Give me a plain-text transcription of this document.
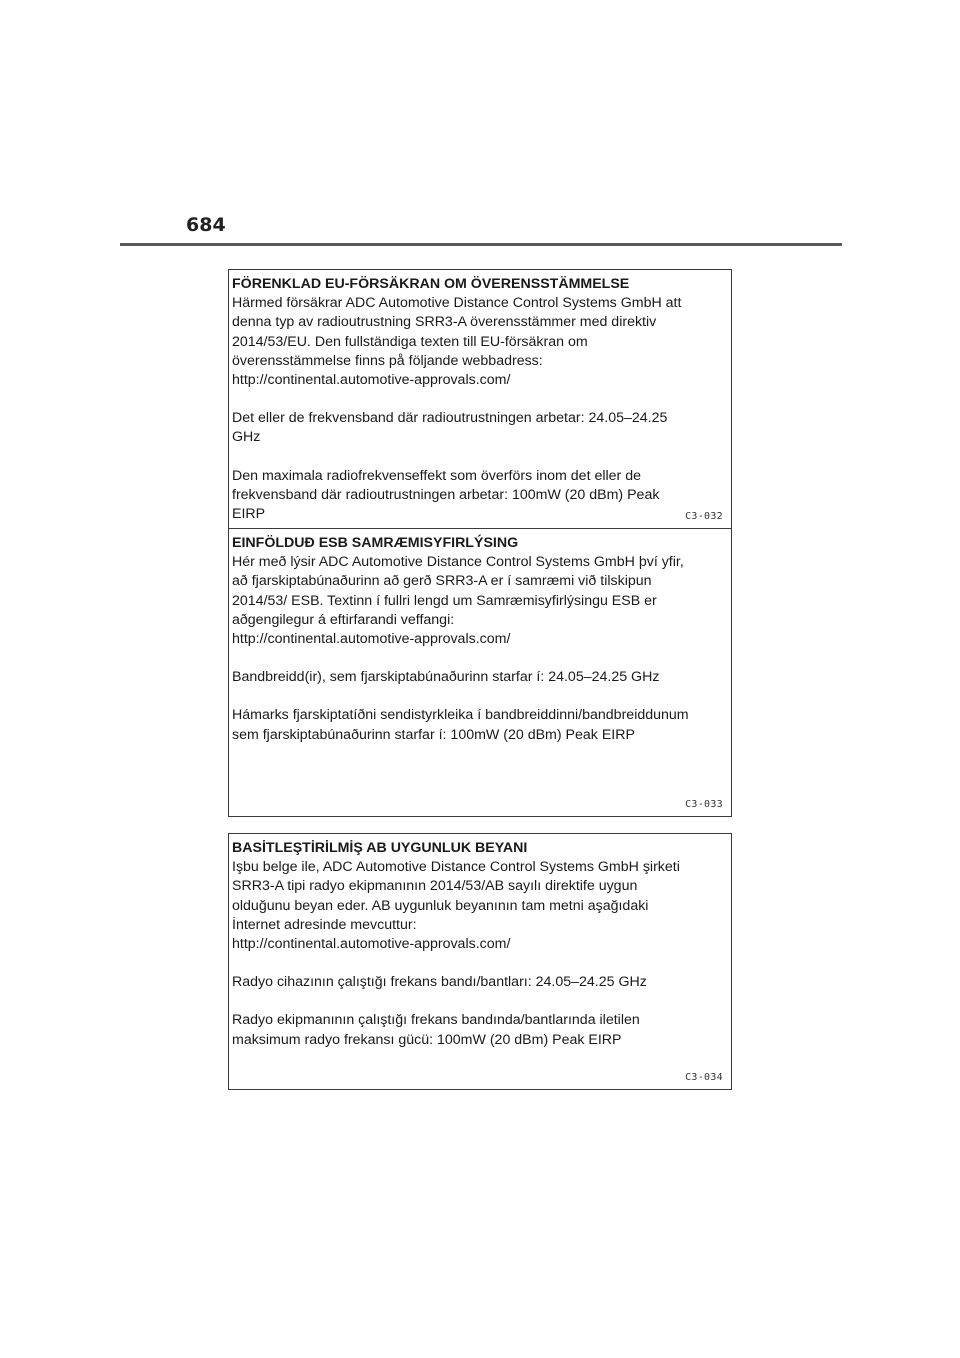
684
FÖRENKLAD EU-FÖRSÄKRAN OM ÖVERENSSTÄMMELSE

Härmed försäkrar ADC Automotive Distance Control Systems GmbH att
denna typ av radioutrustning SRR3-A överensstämmer med direktiv
2014/53/EU. Den fullständiga texten till EU-försäkran om
överensstämmelse finns på följande webbadress:
http://continental.automotive-approvals.com/

Det eller de frekvensband där radioutrustningen arbetar: 24.05–24.25
GHz

Den maximala radiofrekvenseffekt som överförs inom det eller de
frekvensband där radioutrustningen arbetar: 100mW (20 dBm) Peak
EIRP	C3-032
EINFÖLDUÐ ESB SAMRÆMISYFIRLÝSING

Hér með lýsir ADC Automotive Distance Control Systems GmbH því yfir,
að fjarskiptabúnaðurinn að gerð SRR3-A er í samræmi við tilskipun
2014/53/ ESB. Textinn í fullri lengd um Samræmisyfirlýsingu ESB er
aðgengilegur á eftirfarandi veffangi:
http://continental.automotive-approvals.com/

Bandbreidd(ir), sem fjarskiptabúnaðurinn starfar í: 24.05–24.25 GHz

Hámarks fjarskiptatíðni sendistyrkleika í bandbreiddinni/bandbreiddunum
sem fjarskiptabúnaðurinn starfar í: 100mW (20 dBm) Peak EIRP

C3-033
BASİTLEŞTİRİLMİŞ AB UYGUNLUK BEYANI

Işbu belge ile, ADC Automotive Distance Control Systems GmbH şirketi
SRR3-A tipi radyo ekipmanının 2014/53/AB sayılı direktife uygun
olduğunu beyan eder. AB uygunluk beyanının tam metni aşağıdaki
İnternet adresinde mevcuttur:
http://continental.automotive-approvals.com/

Radyo cihazının çalıştığı frekans bandı/bantları: 24.05–24.25 GHz

Radyo ekipmanının çalıştığı frekans bandında/bantlarında iletilen
maksimum radyo frekansı gücü: 100mW (20 dBm) Peak EIRP

C3-034
